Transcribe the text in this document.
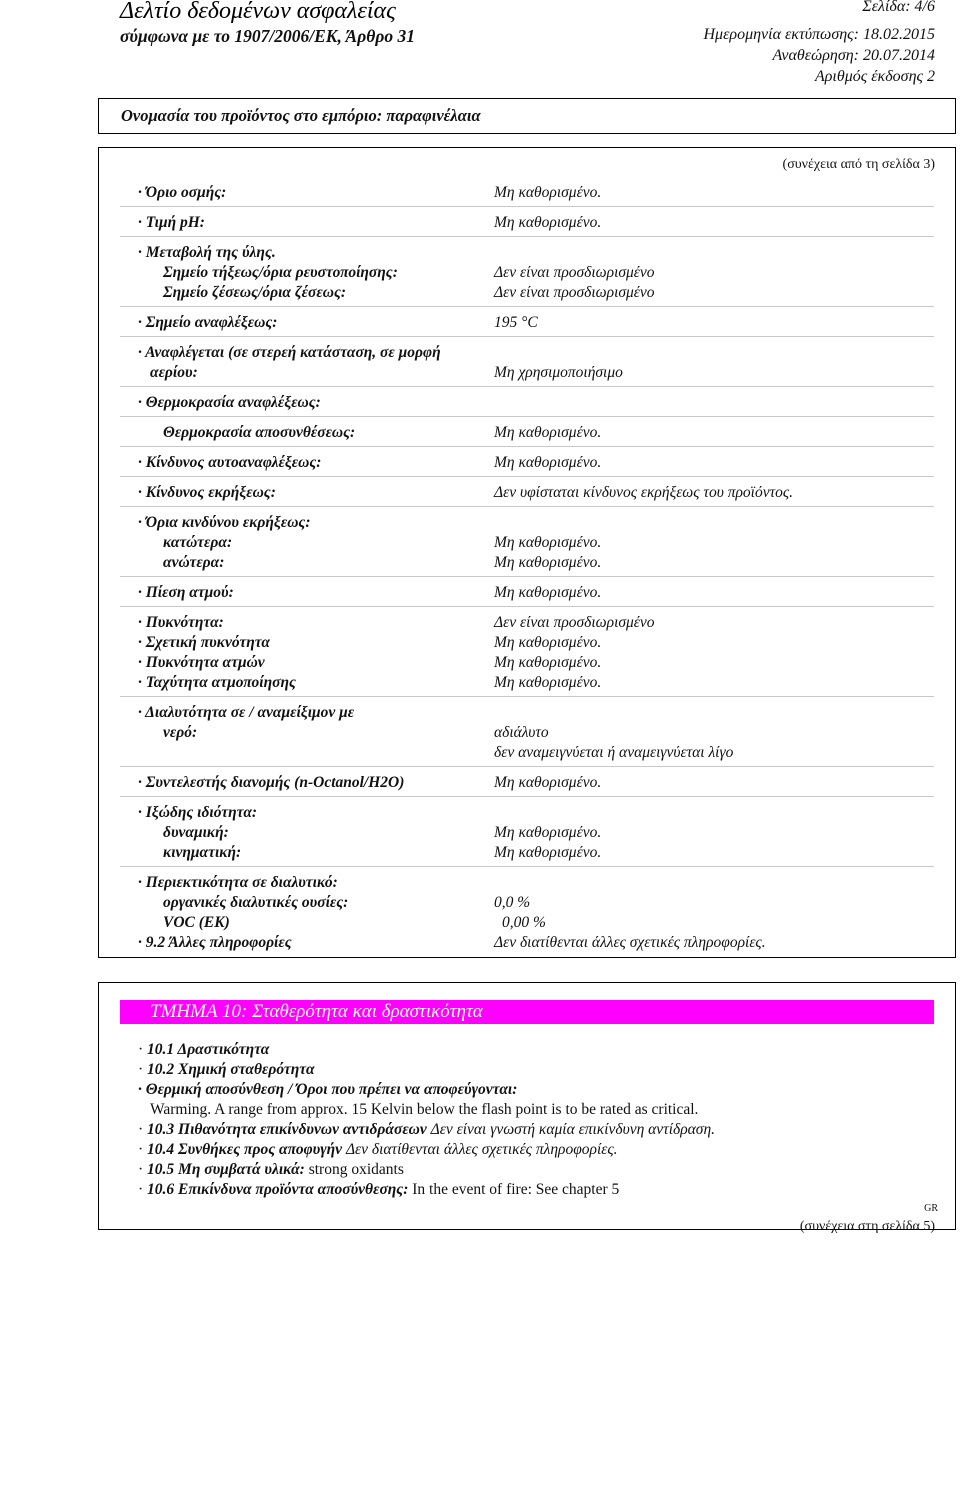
Δελτίο δεδομένων ασφαλείας
σύμφωνα με το 1907/2006/ΕΚ, Άρθρο 31
Σελίδα: 4/6
Ημερομηνία εκτύπωσης: 18.02.2015
Αναθεώρηση: 20.07.2014
Αριθμός έκδοσης 2
Ονομασία του προϊόντος στο εμπόριο: παραφινέλαια
(συνέχεια από τη σελίδα 3)
· Όριο οσμής:	Μη καθορισμένο.
· Τιμή pH:	Μη καθορισμένο.
· Μεταβολή της ύλης.
Σημείο τήξεως/όρια ρευστοποίησης:	Δεν είναι προσδιωρισμένο
Σημείο ζέσεως/όρια ζέσεως:	Δεν είναι προσδιωρισμένο
· Σημείο αναφλέξεως:	195 °C
· Αναφλέγεται (σε στερεή κατάσταση, σε μορφή
αερίου:	Μη χρησιμοποιήσιμο
· Θερμοκρασία αναφλέξεως:
Θερμοκρασία αποσυνθέσεως:	Μη καθορισμένο.
· Κίνδυνος αυτοαναφλέξεως:	Μη καθορισμένο.
· Κίνδυνος εκρήξεως:	Δεν υφίσταται κίνδυνος εκρήξεως του προϊόντος.
· Όρια κινδύνου εκρήξεως:
κατώτερα:	Μη καθορισμένο.
ανώτερα:	Μη καθορισμένο.
· Πίεση ατμού:	Μη καθορισμένο.
· Πυκνότητα:	Δεν είναι προσδιωρισμένο
· Σχετική πυκνότητα	Μη καθορισμένο.
· Πυκνότητα ατμών	Μη καθορισμένο.
· Ταχύτητα ατμοποίησης	Μη καθορισμένο.
· Διαλυτότητα σε / αναμείξιμον με
νερό:	αδιάλυτο
δεν αναμειγνύεται ή αναμειγνύεται λίγο
· Συντελεστής διανομής (n-Octanol/H2O)	Μη καθορισμένο.
· Ιξώδης ιδιότητα:
δυναμική:	Μη καθορισμένο.
κινηματική:	Μη καθορισμένο.
· Περιεκτικότητα σε διαλυτικό:
οργανικές διαλυτικές ουσίες:	0,0 %
VOC (EK)	0,00 %
· 9.2 Άλλες πληροφορίες	Δεν διατίθενται άλλες σχετικές πληροφορίες.
ΤΜΗΜΑ 10: Σταθερότητα και δραστικότητα
· 10.1 Δραστικότητα
· 10.2 Χημική σταθερότητα
· Θερμική αποσύνθεση / Όροι που πρέπει να αποφεύγονται:
Warming. A range from approx. 15 Kelvin below the flash point is to be rated as critical.
· 10.3 Πιθανότητα επικίνδυνων αντιδράσεων Δεν είναι γνωστή καμία επικίνδυνη αντίδραση.
· 10.4 Συνθήκες προς αποφυγήν Δεν διατίθενται άλλες σχετικές πληροφορίες.
· 10.5 Μη συμβατά υλικά: strong oxidants
· 10.6 Επικίνδυνα προϊόντα αποσύνθεσης: In the event of fire: See chapter 5
GR
(συνέχεια στη σελίδα 5)
